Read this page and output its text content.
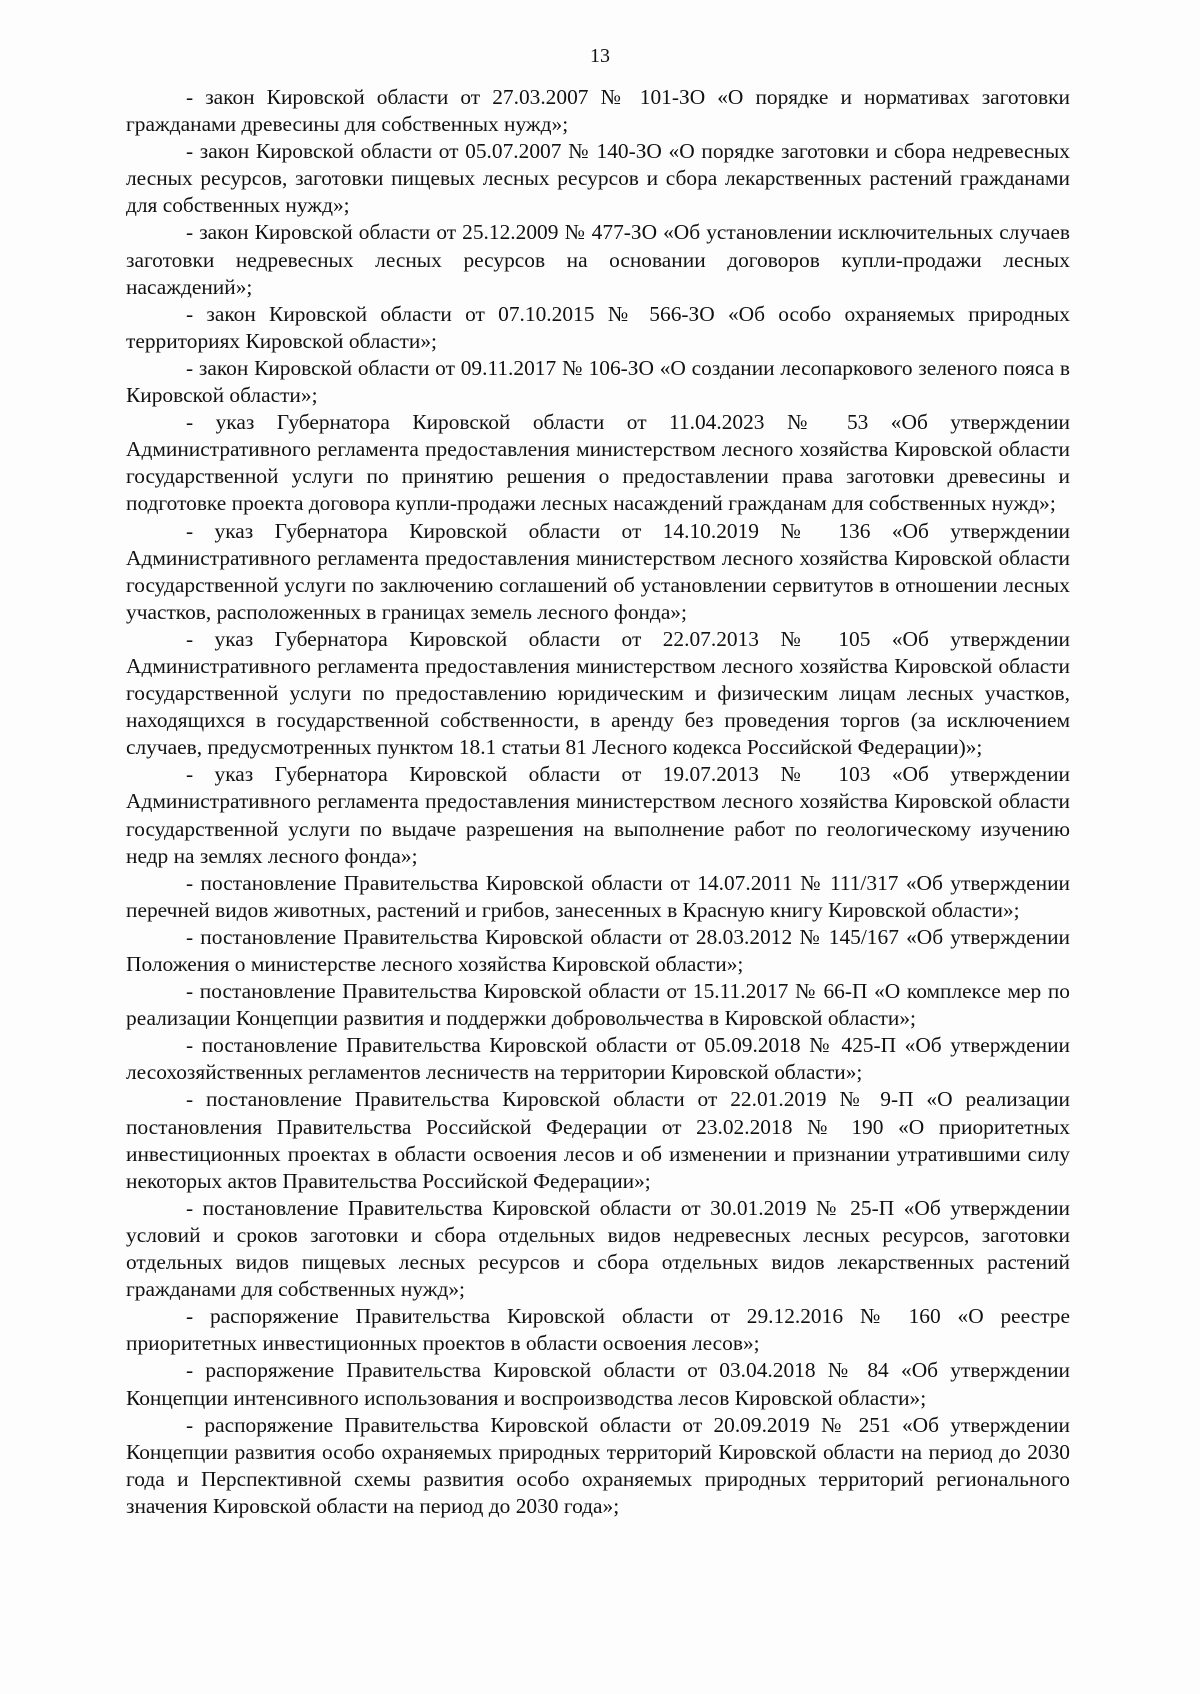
13

- закон Кировской области от 27.03.2007 № 101-ЗО «О порядке и нормативах заготовки гражданами древесины для собственных нужд»;

- закон Кировской области от 05.07.2007 № 140-ЗО «О порядке заготовки и сбора недревесных лесных ресурсов, заготовки пищевых лесных ресурсов и сбора лекарственных растений гражданами для собственных нужд»;

- закон Кировской области от 25.12.2009 № 477-ЗО «Об установлении исключительных случаев заготовки недревесных лесных ресурсов на основании договоров купли-продажи лесных насаждений»;

- закон Кировской области от 07.10.2015 № 566-ЗО «Об особо охраняемых природных территориях Кировской области»;

- закон Кировской области от 09.11.2017 № 106-ЗО «О создании лесопаркового зеленого пояса в Кировской области»;

- указ Губернатора Кировской области от 11.04.2023 № 53 «Об утверждении Административного регламента предоставления министерством лесного хозяйства Кировской области государственной услуги по принятию решения о предоставлении права заготовки древесины и подготовке проекта договора купли-продажи лесных насаждений гражданам для собственных нужд»;

- указ Губернатора Кировской области от 14.10.2019 № 136 «Об утверждении Административного регламента предоставления министерством лесного хозяйства Кировской области государственной услуги по заключению соглашений об установлении сервитутов в отношении лесных участков, расположенных в границах земель лесного фонда»;

- указ Губернатора Кировской области от 22.07.2013 № 105 «Об утверждении Административного регламента предоставления министерством лесного хозяйства Кировской области государственной услуги по предоставлению юридическим и физическим лицам лесных участков, находящихся в государственной собственности, в аренду без проведения торгов (за исключением случаев, предусмотренных пунктом 18.1 статьи 81 Лесного кодекса Российской Федерации)»;

- указ Губернатора Кировской области от 19.07.2013 № 103 «Об утверждении Административного регламента предоставления министерством лесного хозяйства Кировской области государственной услуги по выдаче разрешения на выполнение работ по геологическому изучению недр на землях лесного фонда»;

- постановление Правительства Кировской области от 14.07.2011 № 111/317 «Об утверждении перечней видов животных, растений и грибов, занесенных в Красную книгу Кировской области»;

- постановление Правительства Кировской области от 28.03.2012 № 145/167 «Об утверждении Положения о министерстве лесного хозяйства Кировской области»;

- постановление Правительства Кировской области от 15.11.2017 № 66-П «О комплексе мер по реализации Концепции развития и поддержки добровольчества в Кировской области»;

- постановление Правительства Кировской области от 05.09.2018 № 425-П «Об утверждении лесохозяйственных регламентов лесничеств на территории Кировской области»;

- постановление Правительства Кировской области от 22.01.2019 № 9-П «О реализации постановления Правительства Российской Федерации от 23.02.2018 № 190 «О приоритетных инвестиционных проектах в области освоения лесов и об изменении и признании утратившими силу некоторых актов Правительства Российской Федерации»;

- постановление Правительства Кировской области от 30.01.2019 № 25-П «Об утверждении условий и сроков заготовки и сбора отдельных видов недревесных лесных ресурсов, заготовки отдельных видов пищевых лесных ресурсов и сбора отдельных видов лекарственных растений гражданами для собственных нужд»;

- распоряжение Правительства Кировской области от 29.12.2016 № 160 «О реестре приоритетных инвестиционных проектов в области освоения лесов»;

- распоряжение Правительства Кировской области от 03.04.2018 № 84 «Об утверждении Концепции интенсивного использования и воспроизводства лесов Кировской области»;

- распоряжение Правительства Кировской области от 20.09.2019 № 251 «Об утверждении Концепции развития особо охраняемых природных территорий Кировской области на период до 2030 года и Перспективной схемы развития особо охраняемых природных территорий регионального значения Кировской области на период до 2030 года»;
